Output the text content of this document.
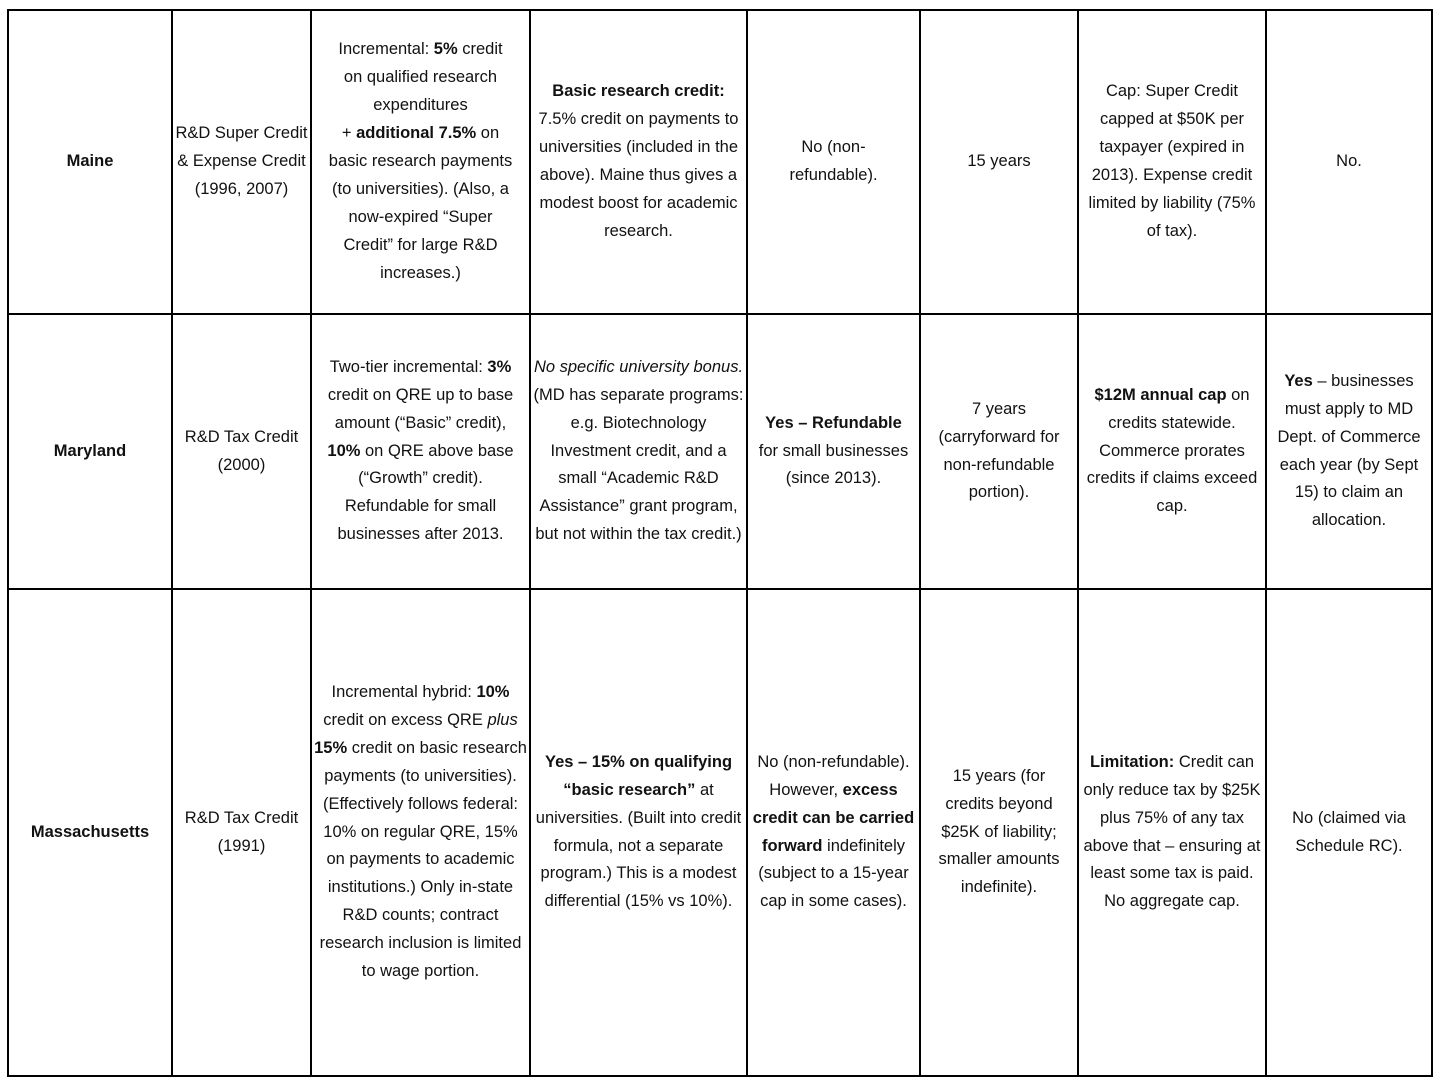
Maine	R&D Super Credit & Expense Credit (1996, 2007)	Incremental: 5% credit on qualified research expenditures
+ additional 7.5% on basic research payments (to universities). (Also, a now-expired “Super Credit” for large R&D increases.)	Basic research credit: 7.5% credit on payments to universities (included in the above). Maine thus gives a modest boost for academic research.	No (non-refundable).	15 years	Cap: Super Credit capped at $50K per taxpayer (expired in 2013). Expense credit limited by liability (75% of tax).	No.
Maryland	R&D Tax Credit (2000)	Two-tier incremental: 3% credit on QRE up to base amount (“Basic” credit), 10% on QRE above base (“Growth” credit). Refundable for small businesses after 2013.	No specific university bonus. (MD has separate programs: e.g. Biotechnology Investment credit, and a small “Academic R&D Assistance” grant program, but not within the tax credit.)	Yes – Refundable for small businesses (since 2013).	7 years (carryforward for non-refundable portion).	$12M annual cap on credits statewide. Commerce prorates credits if claims exceed cap.	Yes – businesses must apply to MD Dept. of Commerce each year (by Sept 15) to claim an allocation.
Massachusetts	R&D Tax Credit (1991)	Incremental hybrid: 10% credit on excess QRE plus 15% credit on basic research payments (to universities). (Effectively follows federal: 10% on regular QRE, 15% on payments to academic institutions.) Only in-state R&D counts; contract research inclusion is limited to wage portion.	Yes – 15% on qualifying “basic research” at universities. (Built into credit formula, not a separate program.) This is a modest differential (15% vs 10%).	No (non-refundable). However, excess credit can be carried forward indefinitely (subject to a 15-year cap in some cases).	15 years (for credits beyond $25K of liability; smaller amounts indefinite).	Limitation: Credit can only reduce tax by $25K plus 75% of any tax above that – ensuring at least some tax is paid. No aggregate cap.	No (claimed via Schedule RC).
